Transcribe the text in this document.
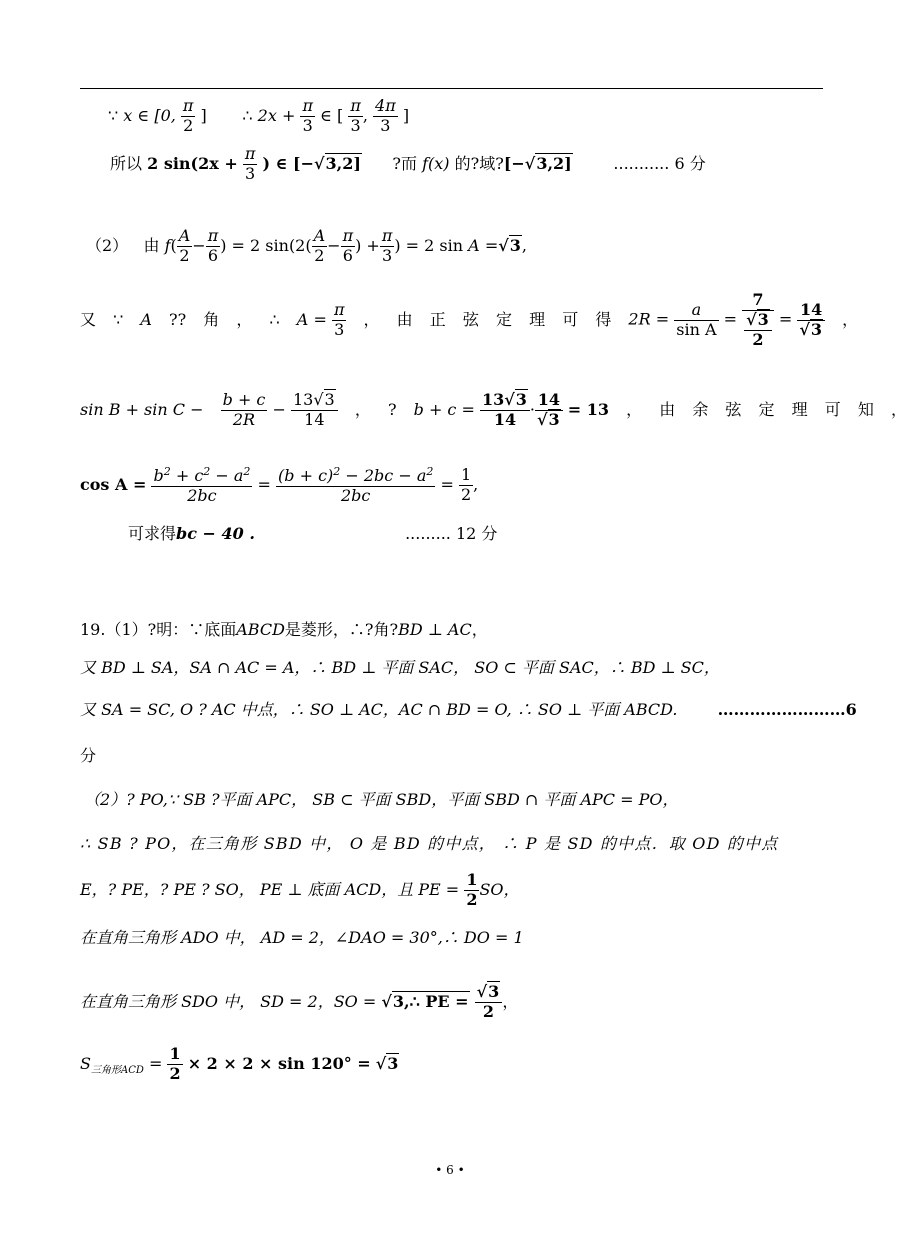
∵ x ∈ [0, $\frac{\pi}{2}$ ] ∴ $2x + \frac{\pi}{3}$ ∈ [ $\frac{\pi}{3}$ , $\frac{4\pi}{3}$ ]
所以 2 $\sin(2x + \frac{\pi}{3}$ ) ∈ [−√3,2] ?而 f(x) 的?域?[−√3,2]	........... 6 分
（2） 由 $f( \frac{A}{2} - \frac{\pi}{6}$ ) = 2 $\sin(2( \frac{A}{2} - \frac{\pi}{6}$ ) + $\frac{\pi}{3}$ ) = 2 sin A =√3,
又 ∵ A ?? 角 ， ∴ $A = \frac{\pi}{3}$ ， 由 正 弦 定 理 可 得 $2R = \frac{a}{\text{sin A}} = \frac{7}{\frac{√3}{2}} = \frac{14}{√3}$ ，
$\sin B + \sin C - \frac{b + c}{2R} - \frac{13√3}{14}$ ， ? $b + c = \frac{13√3}{14} \cdot \frac{14}{√3} = 13$ ， 由 余 弦 定 理 可 知 ，
$\cos A = \frac{b^2 + c^2 - a^2}{2bc} = \frac{(b + c)^2 - 2bc - a^2}{2bc} = \frac{1}{2}$ ,
可求得bc − 40 .	......... 12 分
19.（1）?明：∵底面ABCD是菱形，∴?角?BD ⊥ AC，
又 BD ⊥ SA，SA ∩ AC = A，∴ BD ⊥ 平面 SAC， SO ⊂ 平面 SAC，∴ BD ⊥ SC，
又 SA = SC, O ? AC 中点，∴ SO ⊥ AC，AC ∩ BD = O, ∴ SO ⊥ 平面 ABCD.	……………………6
分
（2）? PO,∵ SB ?平面 APC， SB ⊂ 平面 SBD，平面 SBD ∩ 平面 APC = PO，
∴ SB ? PO，在三角形 SBD 中， O 是 BD 的中点， ∴ P 是 SD 的中点．取 OD 的中点
E，? PE，? PE ? SO， PE ⊥ 底面 ACD，且 PE = $\frac{1}{2}$ SO，
在直角三角形 ADO 中， AD = 2，∠DAO = 30°,∴ DO = 1
在直角三角形 SDO 中， SD = 2，SO = √3,∴ PE = $\frac{√3}{2}$ ，
$S_{三角形ACD} = \frac{1}{2} \times 2 \times 2 \times \sin 120^\circ = √3$
• 6 •
